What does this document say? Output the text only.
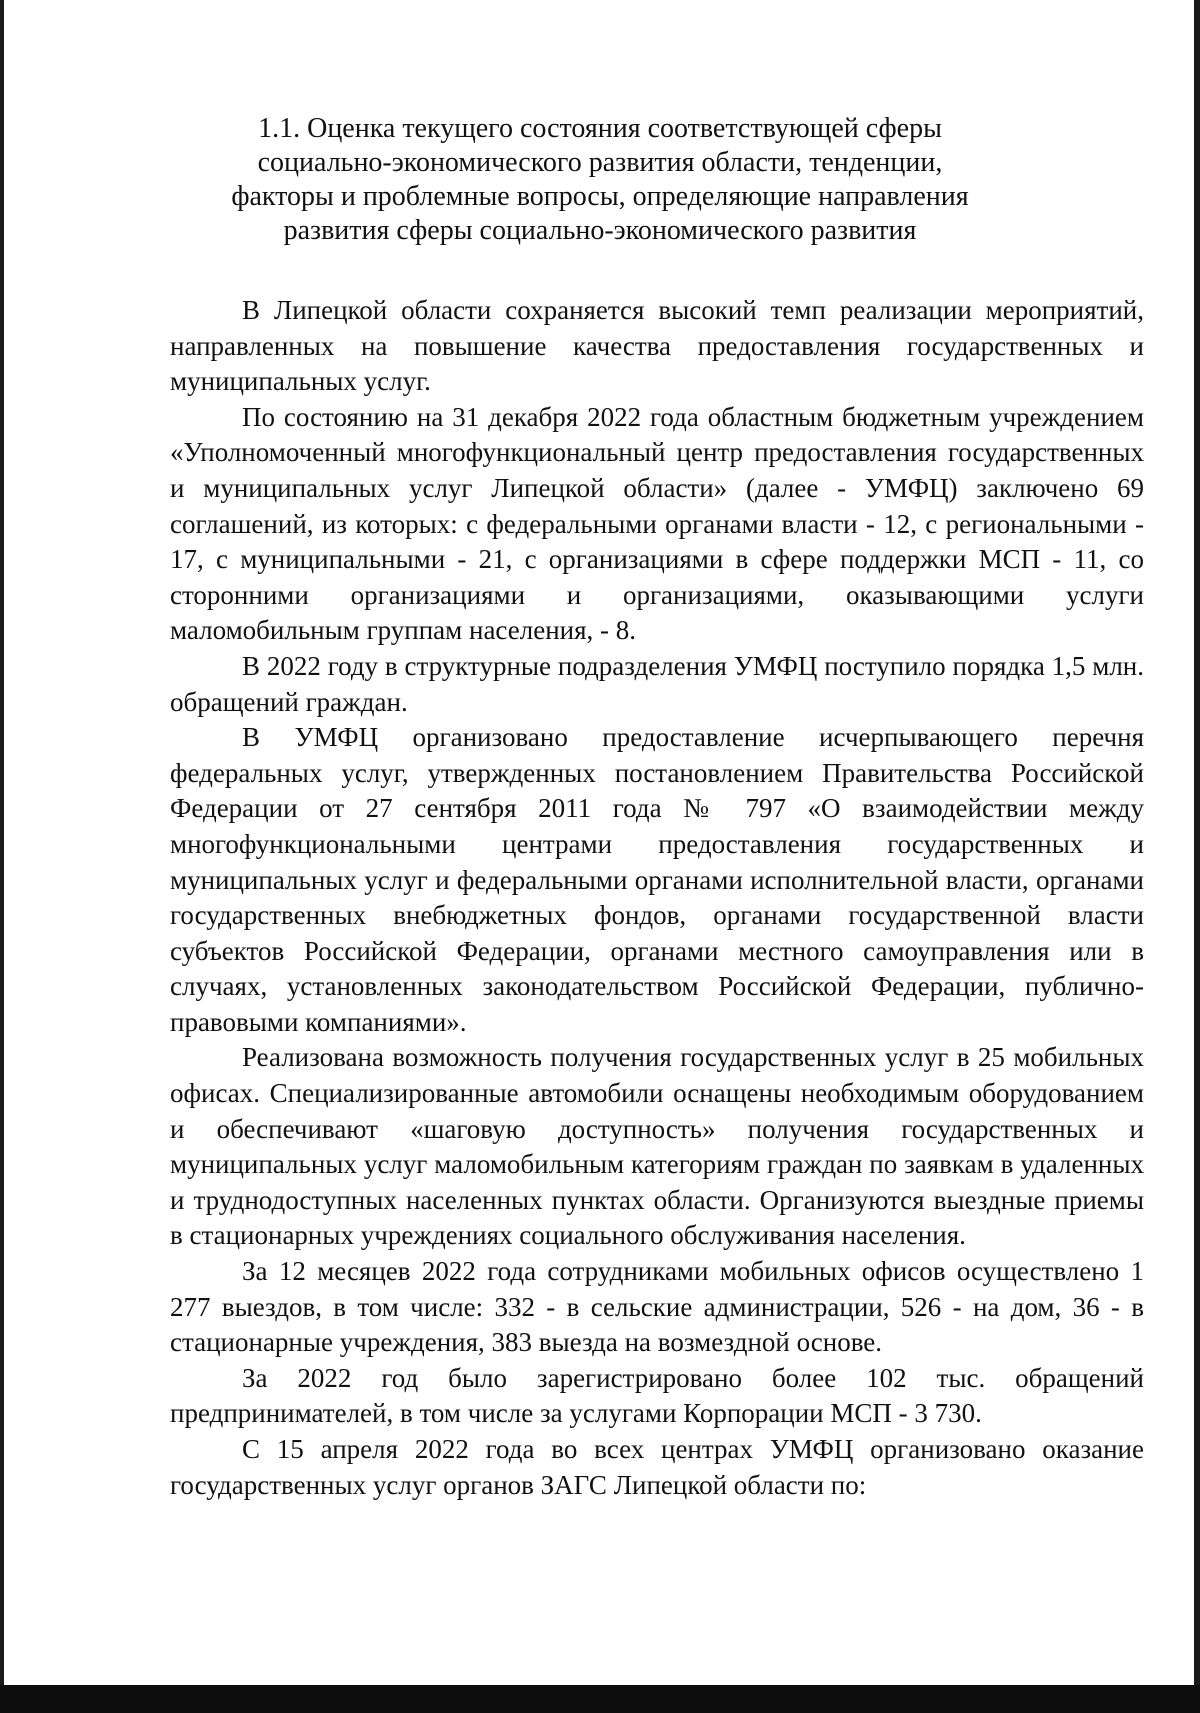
1.1. Оценка текущего состояния соответствующей сферы
социально-экономического развития области, тенденции,
факторы и проблемные вопросы, определяющие направления
развития сферы социально-экономического развития

В Липецкой области сохраняется высокий темп реализации мероприятий, направленных на повышение качества предоставления государственных и муниципальных услуг.

По состоянию на 31 декабря 2022 года областным бюджетным учреждением «Уполномоченный многофункциональный центр предоставления государственных и муниципальных услуг Липецкой области» (далее - УМФЦ) заключено 69 соглашений, из которых: с федеральными органами власти - 12, с региональными - 17, с муниципальными - 21, с организациями в сфере поддержки МСП - 11, со сторонними организациями и организациями, оказывающими услуги маломобильным группам населения, - 8.

В 2022 году в структурные подразделения УМФЦ поступило порядка 1,5 млн. обращений граждан.

В УМФЦ организовано предоставление исчерпывающего перечня федеральных услуг, утвержденных постановлением Правительства Российской Федерации от 27 сентября 2011 года № 797 «О взаимодействии между многофункциональными центрами предоставления государственных и муниципальных услуг и федеральными органами исполнительной власти, органами государственных внебюджетных фондов, органами государственной власти субъектов Российской Федерации, органами местного самоуправления или в случаях, установленных законодательством Российской Федерации, публично-правовыми компаниями».

Реализована возможность получения государственных услуг в 25 мобильных офисах. Специализированные автомобили оснащены необходимым оборудованием и обеспечивают «шаговую доступность» получения государственных и муниципальных услуг маломобильным категориям граждан по заявкам в удаленных и труднодоступных населенных пунктах области. Организуются выездные приемы в стационарных учреждениях социального обслуживания населения.

За 12 месяцев 2022 года сотрудниками мобильных офисов осуществлено 1 277 выездов, в том числе: 332 - в сельские администрации, 526 - на дом, 36 - в стационарные учреждения, 383 выезда на возмездной основе.

За 2022 год было зарегистрировано более 102 тыс. обращений предпринимателей, в том числе за услугами Корпорации МСП - 3 730.

С 15 апреля 2022 года во всех центрах УМФЦ организовано оказание государственных услуг органов ЗАГС Липецкой области по:
